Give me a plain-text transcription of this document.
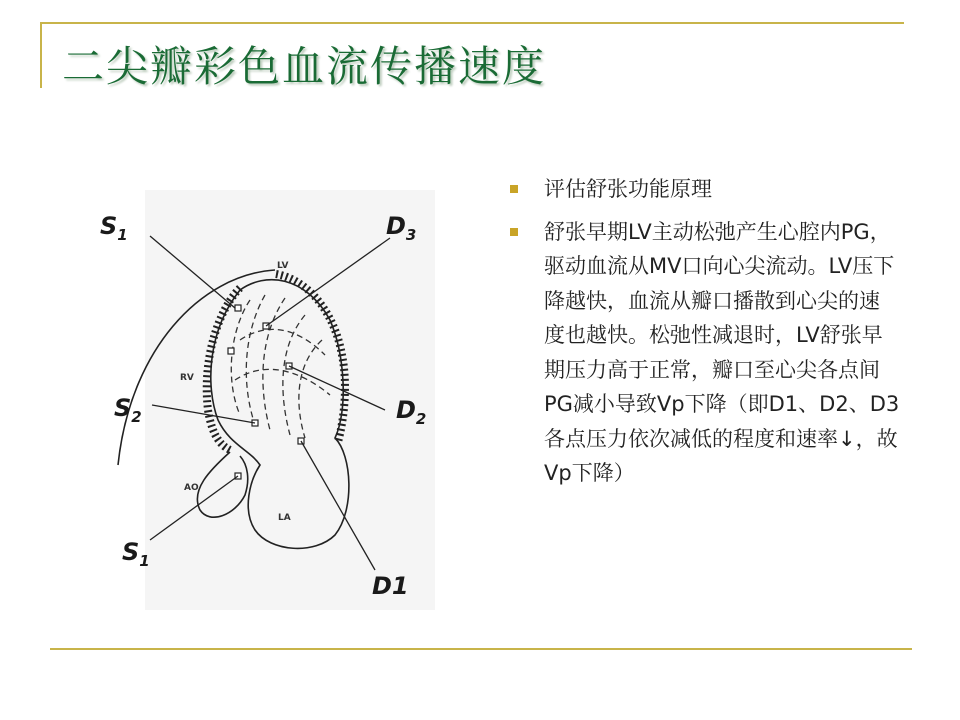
二尖瓣彩色血流传播速度
评估舒张功能原理
舒张早期LV主动松弛产生心腔内PG，驱动血流从MV口向心尖流动。LV压下降越快，血流从瓣口播散到心尖的速度也越快。松弛性减退时，LV舒张早期压力高于正常，瓣口至心尖各点间PG减小导致Vp下降（即D1、D2、D3各点压力依次减低的程度和速率↓，故Vp下降）
LV
RV
AO
LA
$S_1$	$D_3$
$S_2$	$D_2$
$S_1$
D1
